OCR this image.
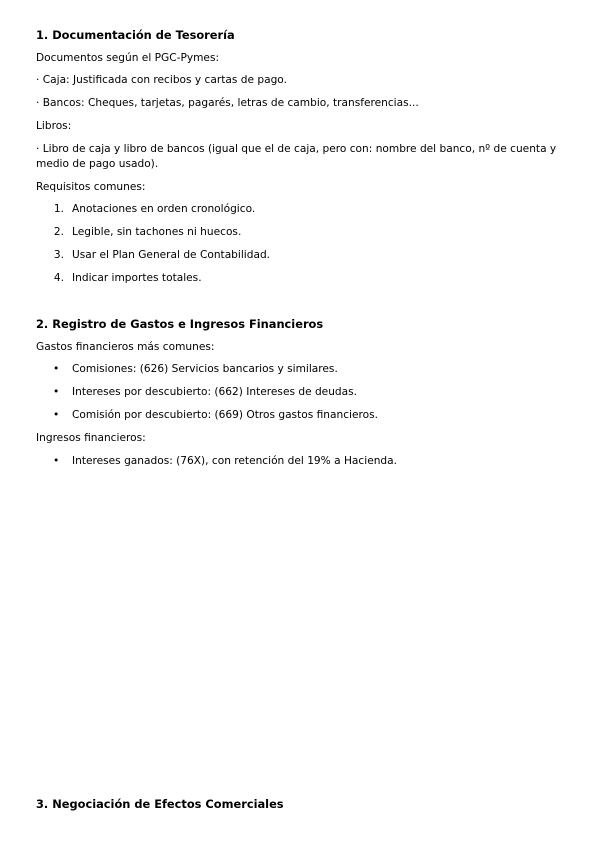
1. Documentación de Tesorería

Documentos según el PGC-Pymes:

· Caja: Justificada con recibos y cartas de pago.

· Bancos: Cheques, tarjetas, pagarés, letras de cambio, transferencias...

Libros:

· Libro de caja y libro de bancos (igual que el de caja, pero con: nombre del banco, nº de cuenta y medio de pago usado).

Requisitos comunes:

1. Anotaciones en orden cronológico.
2. Legible, sin tachones ni huecos.
3. Usar el Plan General de Contabilidad.
4. Indicar importes totales.
2. Registro de Gastos e Ingresos Financieros

Gastos financieros más comunes:

• Comisiones: (626) Servicios bancarios y similares.
• Intereses por descubierto: (662) Intereses de deudas.
• Comisión por descubierto: (669) Otros gastos financieros.

Ingresos financieros:

• Intereses ganados: (76X), con retención del 19% a Hacienda.
3. Negociación de Efectos Comerciales
